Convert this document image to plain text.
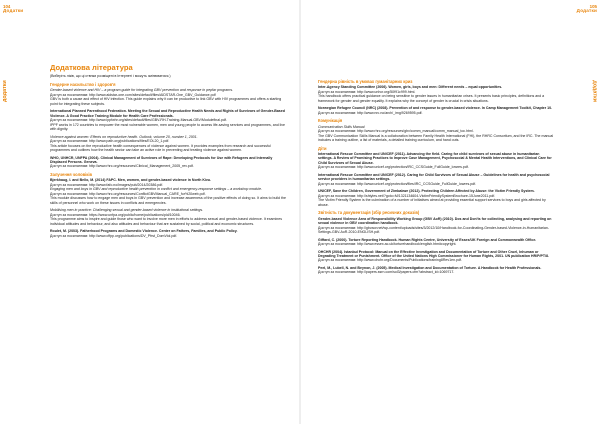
104	105
Додатки	Додатки
додатки	додатки
Додаткова література
(Виберіть ліків, що ці ствнки розміщені в Інтернеті і можуть змінюватися.)
Гендерне насильство і здоров'я

Gender-based violence and HIV – a program guide for integrating GBV prevention and response in pepfar programs.

Доступ за посиланням: http://www.aidstar-one.com/sites/default/files/AIDSTAR-One_GBV_Guidance.pdf

GBV is both a cause and effect of HIV infection. This guide explains why it can be productive to link GBV with HIV programmes and offers a starting point for integrating these subjects.

International Planned Parenthood Federation. Meeting the Sexual and Reproductive Health Needs and Rights of Survivors of Gender-Based Violence. A Good Practice Training Module for Health Care Professionals.

Доступ за посиланням: http://www.ippfwhr.org/sites/default/files/GBV-RH-Training-Manual-GBV/Modulefinal.pdf.

IPPF works in 172 countries to empower the most vulnerable women, men and young people to access life-saving services and programmes, and live with dignity.

Violence against women: Effects on reproductive health. Outlook, volume 20, number 1, 2001.

Доступ за посиланням: http://www.path.org/publications/files/EOL20_1.pdf.

This article focuses on the reproductive health consequences of violence against women. It provides examples from research and successful programmes and outlines how the health sector can take an active role in preventing and treating violence against women.

WHO, UNHCR, UNFPA (2004). Clinical Management of Survivors of Rape: Developing Protocols for Use with Refugees and Internally Displaced Persons. Geneva.

Доступ за посиланням: http://www.rhrc.org/resources/Clinical_Management_2005_rev.pdf.

Залучення чоловіків

Bjerkhaug, I. and Bello, M. (2014) FAPC. Men, women, and gender-based violence in North Kivu.

Доступ за посиланням: http://www.fafo.no/images/pub/2014/20386.pdf.

Engaging men and boys in GBV and reproductive health prevention in conflict and emergency-response settings – a workshop module.

Доступ за посиланням: http://www.rhrc.org/resources/ConflictGBVManual_CARE_for%20web.pdf.

This module discusses how to engage men and boys in GBV prevention and increase awareness of the positive effects of doing so. It aims to build the skills of personnel who work on these issues in conflicts and emergencies.

Mobilising men in practice: Challenging sexual and gender-based violence in institutional settings.

Доступ за посиланням: https://www.unfpa.org/public/home/publications/pid/10046.

This programme aims to inspire and guide those who want to involve more men in efforts to address sexual and gender-based violence. It examines individual attitudes and behaviour, and also attitudes and behaviour that are sustained by social, political and economic structures.

Roulet, M. (2003). Fatherhood Programs and Domestic Violence. Center on Fathers, Families, and Public Policy.

Доступ за посиланням: http://www.cffpp.org/publications/DV_Pfrst_DomViol.pdf.

Гендерна рівність в умовах гуманітарних криз

Inter-Agency Standing Committee (2006). Women, girls, boys and men: Different needs – equal opportunities.

Доступ за посиланням: http://www.unhcr.org/50f91c999.html.

This handbook offers practical guidance on being sensitive to gender issues in humanitarian crises. It presents basic principles, definitions and a framework for gender and gender equality. It explains why the concept of gender is crucial in crisis situations.

Norwegian Refugee Council (NRC) (2008). Prevention of and response to gender-based violence. In Camp Management Toolkit, Chapter 10.

Доступ за посиланням: http://www.nrc.no/arch/_img/9269595.pdf.

Комунікація

Communication Skills Manual

Доступ за посиланням: http://www.rhrc.org/resources/gbv/comm_manual/comm_manual_toc.html.

The GBV Communication Skills Manual is a collaboration between Family Health International (FHI), the RHRC Consortium, and the IRC. The manual includes a training outline, a list of materials, a detailed training curriculum, and hand outs.

Діти

International Rescue Committee and UNICEF (2011). Advancing the field. Caring for child survivors of sexual abuse in humanitarian settings. A Review of Promising Practices to Improve Case Management, Psychosocial & Mental Health Interventions, and Clinical Care for Child Survivors of Sexual Abuse.

Доступ за посиланням: http://www.unicef.org/protection/IRC_CCSGuide_FullGuide_lowres.pdf.

International Rescue Committee and UNICEF (2012). Caring for Child Survivors of Sexual Abuse – Guidelines for health and psychosocial service providers in humanitarian settings.

Доступ за посиланням: http://www.unicef.org/protection/files/IRC_CCSGuide_FullGuide_lowres.pdf.

UNICEF, Save the Children, Government of Zimbabwe (2012). Protecting Children Affected by Abuse: the Victim Friendly System.

Доступ за посиланням: http://shtyles.net/?goto=M/1321134604-VictimFriendlySystemBrochure-15June2011.pdf.

The Victim Friendly System is the culmination of a number of initiatives aimed at providing essential support services to boys and girls affected by abuse.

Звітність та документація (збір ресичних доказів)

Gender-based Violence Area of Responsibility Working Group (GBV AoR) (2010). Dos and Don'ts for collecting, analysing and reporting on sexual violence in GBV coordination handbook.

Доступ за посиланням: http://gbvaor.net/wp-content/uploads/sites/3/2012/10/Handbook-for-Coordinating-Gender-based-Violence-in-Humanitarian-Settings-GBV-AoR-2010-ENGLISH.pdf.

Giffard, C. (2000). Torture Reporting Handbook. Human Rights Centre, University of Essex/UK Foreign and Commonwealth Office.

Доступ за посиланням: http://www.essex.ac.uk/torturehandbook/english.htm#copyright.

OHCHR (2004). Istanbul Protocol: Manual on the Effective Investigation and Documentation of Torture and Other Cruel, Inhuman or Degrading Treatment or Punishment. Office of the United Nations High Commissioner for Human Rights, 2001. UN publication HR/P/PT/8.

Доступ за посиланням: http://www.ohchr.org/Documents/Publications/training8Rev1en.pdf.

Peel, M., Lubell, N. and Beynon, J. (2005). Medical Investigation and Documentation of Torture. A Handbook for Health Professionals.

Доступ за посиланням: http://papers.ssrn.com/sol3/papers.cfm?abstract_id=1069717.
